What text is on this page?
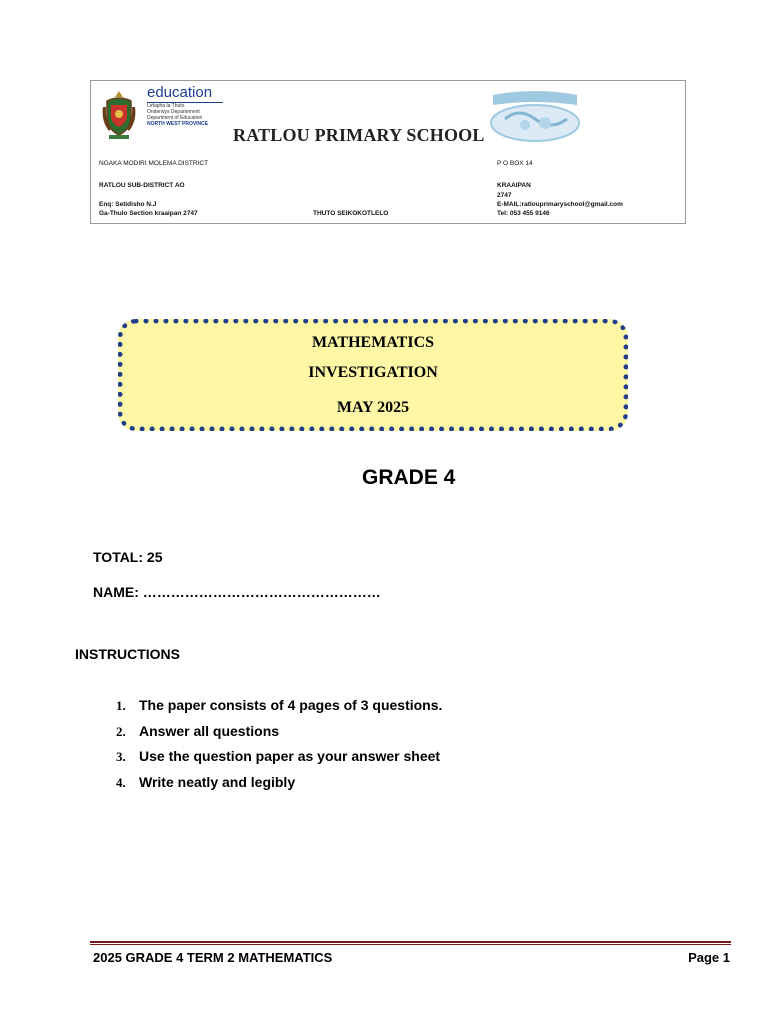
education
Lefapha la Thuto
Onderwys Departement
Department of Education
NORTH WEST PROVINCE
RATLOU PRIMARY SCHOOL
NGAKA MODIRI MOLEMA DISTRICT
RATLOU SUB-DISTRICT AO
Enq: Setidisho N.J
Ga-Thulo Section kraaipan 2747	THUTO SEIKOKOTLELO
P O BOX 14
KRAAIPAN
2747
E-MAIL:ratlouprimaryschool@gmail.com
Tel: 053 455 9146
MATHEMATICS
INVESTIGATION
MAY 2025
GRADE 4
TOTAL: 25
NAME: ……………………………………………
INSTRUCTIONS
1. The paper consists of 4 pages of 3 questions.
2. Answer all questions
3. Use the question paper as your answer sheet
4. Write neatly and legibly
2025 GRADE 4 TERM 2 MATHEMATICS	Page 1
